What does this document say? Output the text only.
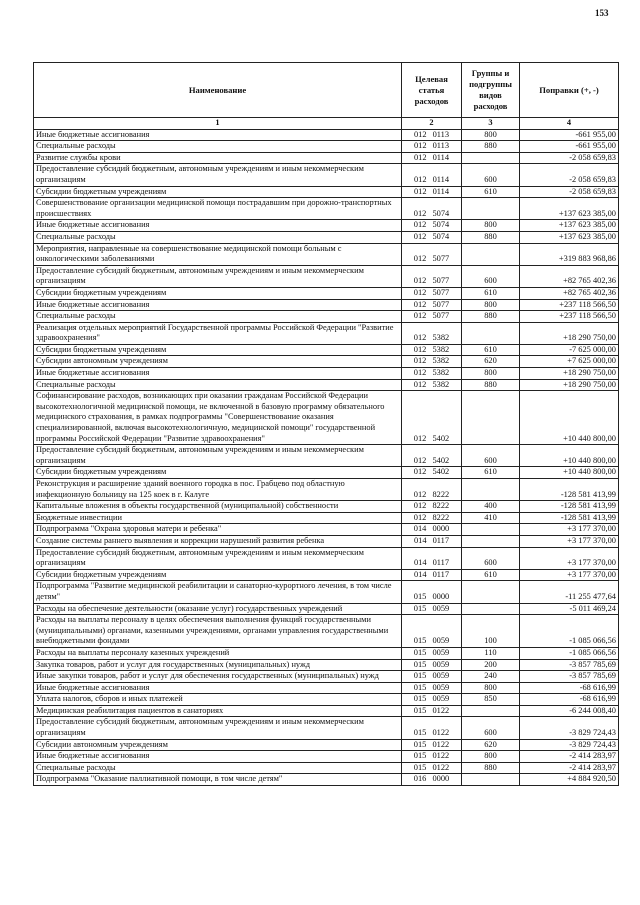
153
Наименование	Целевая статья расходов	Группы и подгруппы видов расходов	Поправки (+, -)
1	2	3	4
Иные бюджетные ассигнования	012 0113	800	-661 955,00
Специальные расходы	012 0113	880	-661 955,00
Развитие службы крови	012 0114		-2 058 659,83
Предоставление субсидий бюджетным, автономным учреждениям и иным некоммерческим организациям	012 0114	600	-2 058 659,83
Субсидии бюджетным учреждениям	012 0114	610	-2 058 659,83
Совершенствование организации медицинской помощи пострадавшим при дорожно-транспортных происшествиях	012 5074		+137 623 385,00
Иные бюджетные ассигнования	012 5074	800	+137 623 385,00
Специальные расходы	012 5074	880	+137 623 385,00
Мероприятия, направленные на совершенствование медицинской помощи больным с онкологическими заболеваниями	012 5077		+319 883 968,86
Предоставление субсидий бюджетным, автономным учреждениям и иным некоммерческим организациям	012 5077	600	+82 765 402,36
Субсидии бюджетным учреждениям	012 5077	610	+82 765 402,36
Иные бюджетные ассигнования	012 5077	800	+237 118 566,50
Специальные расходы	012 5077	880	+237 118 566,50
Реализация отдельных мероприятий Государственной программы Российской Федерации "Развитие здравоохранения"	012 5382		+18 290 750,00
Субсидии бюджетным учреждениям	012 5382	610	-7 625 000,00
Субсидии автономным учреждениям	012 5382	620	+7 625 000,00
Иные бюджетные ассигнования	012 5382	800	+18 290 750,00
Специальные расходы	012 5382	880	+18 290 750,00
Софинансирование расходов, возникающих при оказании гражданам Российской Федерации высокотехнологичной медицинской помощи, не включенной в базовую программу обязательного медицинского страхования, в рамках подпрограммы "Совершенствование оказания специализированной, включая высокотехнологичную, медицинской помощи" государственной программы Российской Федерации "Развитие здравоохранения"	012 5402		+10 440 800,00
Предоставление субсидий бюджетным, автономным учреждениям и иным некоммерческим организациям	012 5402	600	+10 440 800,00
Субсидии бюджетным учреждениям	012 5402	610	+10 440 800,00
Реконструкция и расширение зданий военного городка в пос. Грабцево под областную инфекционную больницу на 125 коек в г. Калуге	012 8222		-128 581 413,99
Капитальные вложения в объекты государственной (муниципальной) собственности	012 8222	400	-128 581 413,99
Бюджетные инвестиции	012 8222	410	-128 581 413,99
Подпрограмма "Охрана здоровья матери и ребенка"	014 0000		+3 177 370,00
Создание системы раннего выявления и коррекции нарушений развития ребенка	014 0117		+3 177 370,00
Предоставление субсидий бюджетным, автономным учреждениям и иным некоммерческим организациям	014 0117	600	+3 177 370,00
Субсидии бюджетным учреждениям	014 0117	610	+3 177 370,00
Подпрограмма "Развитие медицинской реабилитации и санаторно-курортного лечения, в том числе детям"	015 0000		-11 255 477,64
Расходы на обеспечение деятельности (оказание услуг) государственных учреждений	015 0059		-5 011 469,24
Расходы на выплаты персоналу в целях обеспечения выполнения функций государственными (муниципальными) органами, казенными учреждениями, органами управления государственными внебюджетными фондами	015 0059	100	-1 085 066,56
Расходы на выплаты персоналу казенных учреждений	015 0059	110	-1 085 066,56
Закупка товаров, работ и услуг для государственных (муниципальных) нужд	015 0059	200	-3 857 785,69
Иные закупки товаров, работ и услуг для обеспечения государственных (муниципальных) нужд	015 0059	240	-3 857 785,69
Иные бюджетные ассигнования	015 0059	800	-68 616,99
Уплата налогов, сборов и иных платежей	015 0059	850	-68 616,99
Медицинская реабилитация пациентов в санаториях	015 0122		-6 244 008,40
Предоставление субсидий бюджетным, автономным учреждениям и иным некоммерческим организациям	015 0122	600	-3 829 724,43
Субсидии автономным учреждениям	015 0122	620	-3 829 724,43
Иные бюджетные ассигнования	015 0122	800	-2 414 283,97
Специальные расходы	015 0122	880	-2 414 283,97
Подпрограмма "Оказание паллиативной помощи, в том числе детям"	016 0000		+4 884 920,50
